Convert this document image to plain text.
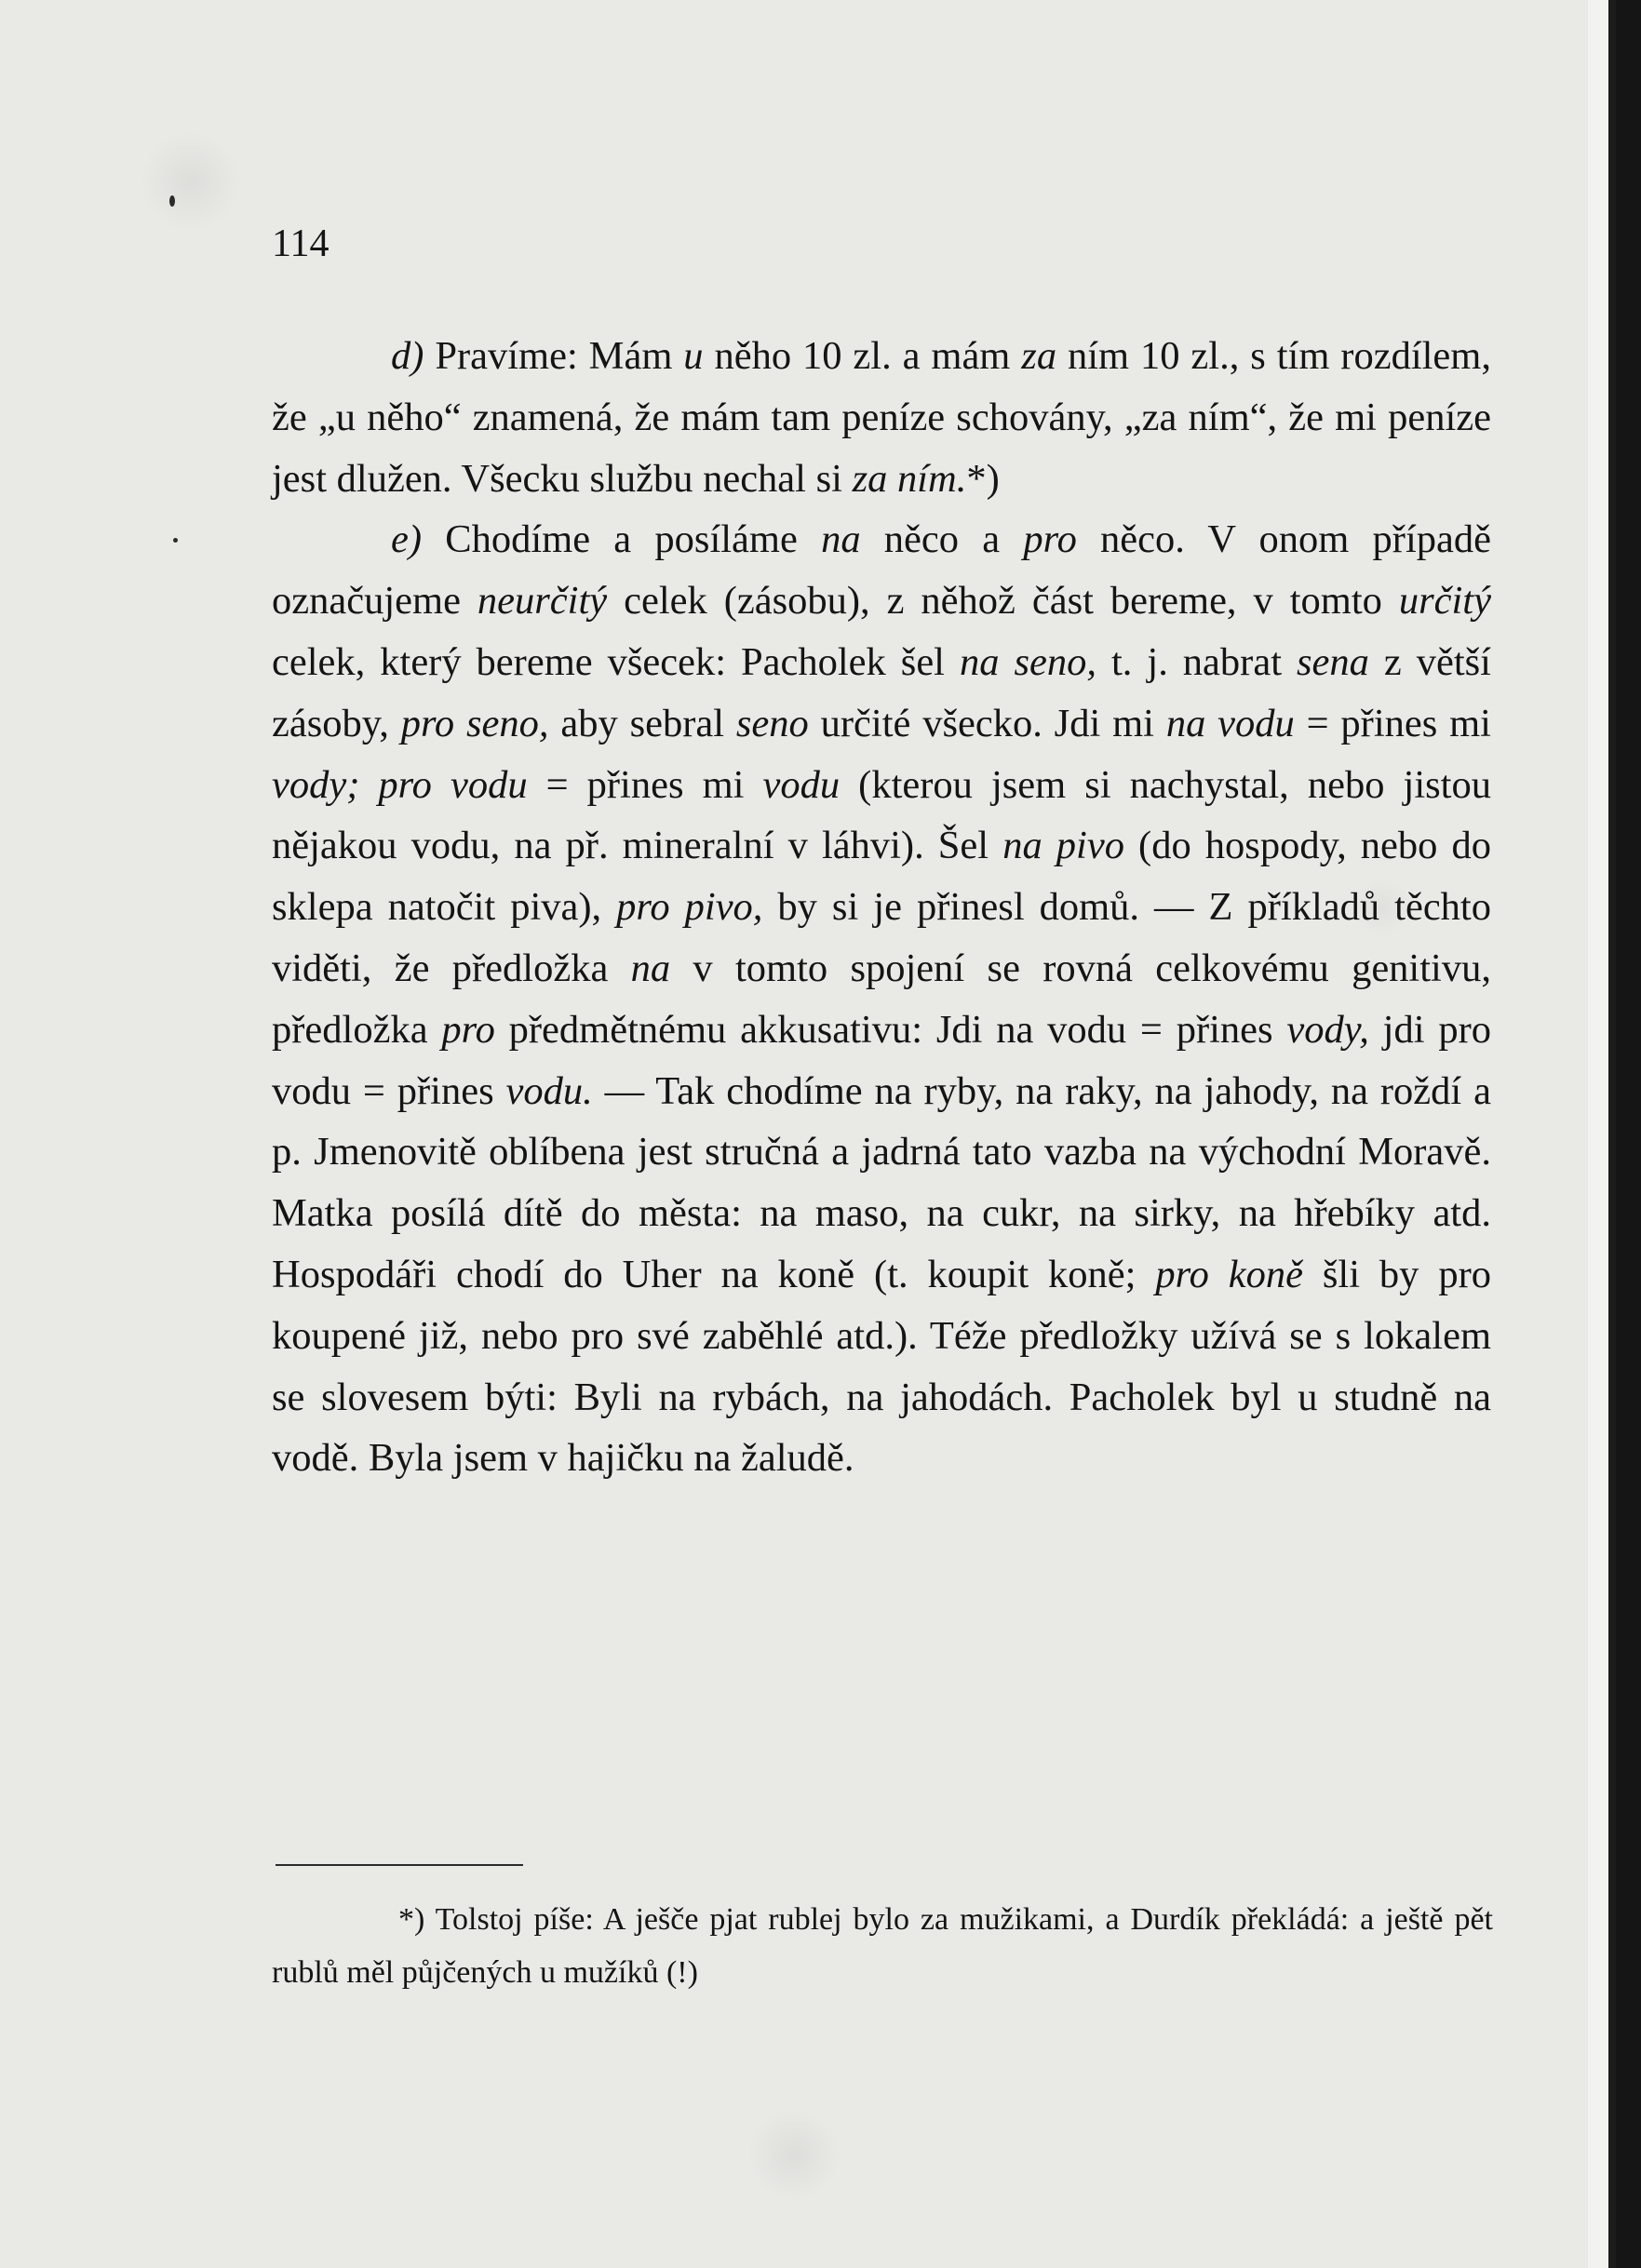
114

d) Pravíme: Mám u něho 10 zl. a mám za ním 10 zl., s tím rozdílem, že „u něho“ znamená, že mám tam peníze schovány, „za ním“, že mi peníze jest dlužen. Všecku službu nechal si za ním.*)

e) Chodíme a posíláme na něco a pro něco. V onom případě označujeme neurčitý celek (zásobu), z něhož část bereme, v tomto určitý celek, který bereme všecek: Pacholek šel na seno, t. j. nabrat sena z větší zásoby, pro seno, aby sebral seno určité všecko. Jdi mi na vodu = přines mi vody; pro vodu = přines mi vodu (kterou jsem si nachystal, nebo jistou nějakou vodu, na př. mineralní v láhvi). Šel na pivo (do hospody, nebo do sklepa natočit piva), pro pivo, by si je přinesl domů. — Z příkladů těchto viděti, že předložka na v tomto spojení se rovná celkovému genitivu, předložka pro předmětnému akkusativu: Jdi na vodu = přines vody, jdi pro vodu = přines vodu. — Tak chodíme na ryby, na raky, na jahody, na roždí a p. Jmenovitě oblíbena jest stručná a jadrná tato vazba na východní Moravě. Matka posílá dítě do města: na maso, na cukr, na sirky, na hřebíky atd. Hospodáři chodí do Uher na koně (t. koupit koně; pro koně šli by pro koupené již, nebo pro své zaběhlé atd.). Téže předložky užívá se s lokalem se slovesem býti: Byli na rybách, na jahodách. Pacholek byl u studně na vodě. Byla jsem v hajičku na žaludě.

*) Tolstoj píše: A ješče pjat rublej bylo za mužikami, a Durdík překládá: a ještě pět rublů měl půjčených u mužíků (!)
